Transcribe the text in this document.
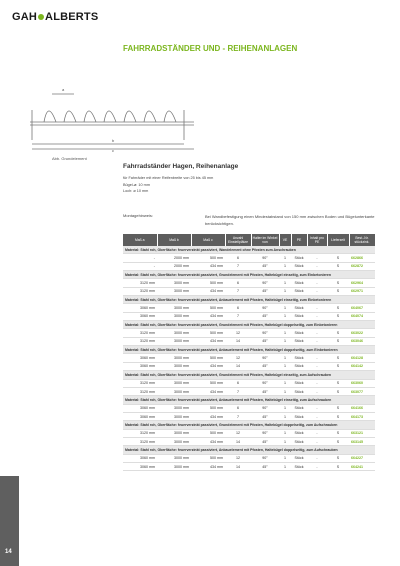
GAH ALBERTS
FAHRRADSTÄNDER UND - REIHENANLAGEN
a
b
c
Abb. Grundelement
Fahrradständer Hagen, Reihenanlage
für Fahrräder mit einer Reifenbreite von 25 bis 45 mm
Bügel-ø: 10 mm
Loch: ø 10 mm
Montagehinweis:	Bei Wandbefestigung einen Mindestabstand von 150 mm zwischen Boden und Bügelunterkante berücksichtigen.
Maß a	Maß b	Maß c	Anzahl Einstellplätze	Halter im Winkel von	VE	PE	Inhalt pro PE	Lieferzeit	Best.-Nr. stückzink.
Material: Stahl roh, Oberfläche: feuerverzinkt passiviert, Wandelement ohne Pfosten zum Anschrauben									
-	2000 mm	500 mm	6	90°	1	Stück	-	S	662866
-	2000 mm	434 mm	7	45°	1	Stück	-	S	662872
Material: Stahl roh, Oberfläche: feuerverzinkt passiviert, Grundelement mit Pfosten, Haltebügel einseitig, zum Einbetonieren									
3120 mm	3000 mm	500 mm	6	90°	1	Stück	-	S	662964
3120 mm	3000 mm	434 mm	7	45°	1	Stück	-	S	662971
Material: Stahl roh, Oberfläche: feuerverzinkt passiviert, Anbauelement mit Pfosten, Haltebügel einseitig, zum Einbetonieren									
3060 mm	3000 mm	500 mm	6	90°	1	Stück	-	S	664067
3060 mm	3000 mm	434 mm	7	45°	1	Stück	-	S	664074
Material: Stahl roh, Oberfläche: feuerverzinkt passiviert, Grundelement mit Pfosten, Haltebügel doppelseitig, zum Einbetonieren									
3120 mm	3000 mm	500 mm	12	90°	1	Stück	-	S	663022
3120 mm	3000 mm	434 mm	14	45°	1	Stück	-	S	663046
Material: Stahl roh, Oberfläche: feuerverzinkt passiviert, Anbauelement mit Pfosten, Haltebügel doppelseitig, zum Einbetonieren									
3060 mm	3000 mm	500 mm	12	90°	1	Stück	-	S	664128
3060 mm	3000 mm	434 mm	14	45°	1	Stück	-	S	664142
Material: Stahl roh, Oberfläche: feuerverzinkt passiviert, Grundelement mit Pfosten, Haltebügel einseitig, zum Aufschrauben									
3120 mm	3000 mm	500 mm	6	90°	1	Stück	-	S	663060
3120 mm	3000 mm	434 mm	7	45°	1	Stück	-	S	663077
Material: Stahl roh, Oberfläche: feuerverzinkt passiviert, Anbauelement mit Pfosten, Haltebügel einseitig, zum Aufschrauben									
3060 mm	3000 mm	500 mm	6	90°	1	Stück	-	S	664166
3060 mm	3000 mm	434 mm	7	45°	1	Stück	-	S	664173
Material: Stahl roh, Oberfläche: feuerverzinkt passiviert, Grundelement mit Pfosten, Haltebügel doppelseitig, zum Aufschrauben									
3120 mm	3000 mm	500 mm	12	90°	1	Stück	-	S	663121
3120 mm	3000 mm	434 mm	14	45°	1	Stück	-	S	663145
Material: Stahl roh, Oberfläche: feuerverzinkt passiviert, Anbauelement mit Pfosten, Haltebügel doppelseitig, zum Aufschrauben									
3060 mm	3000 mm	500 mm	12	90°	1	Stück	-	S	664227
3060 mm	3000 mm	434 mm	14	45°	1	Stück	-	S	664241
14
